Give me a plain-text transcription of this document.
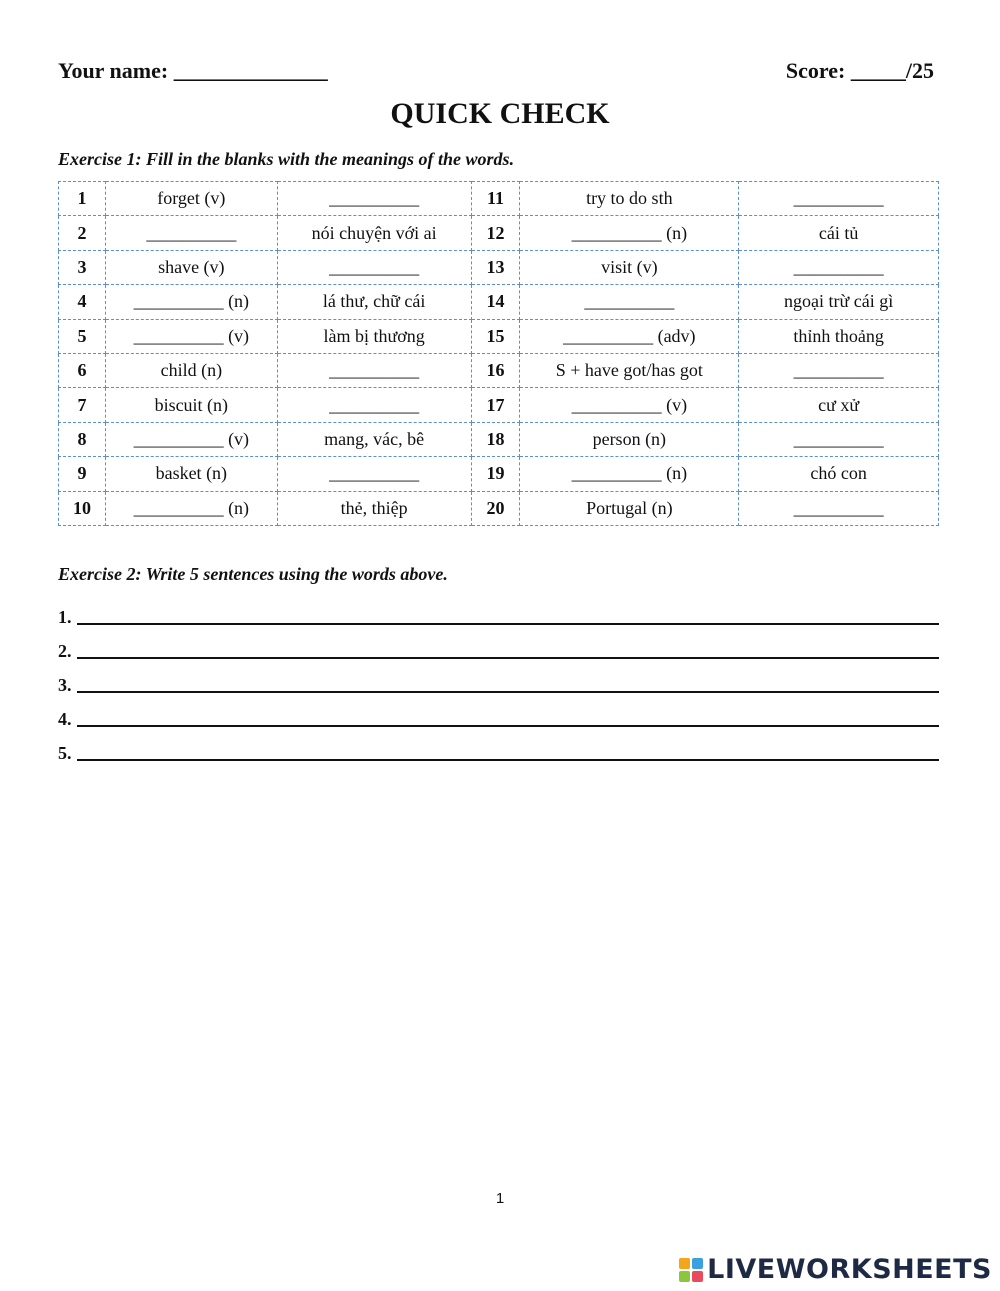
Your name: ______________	Score: _____/25
QUICK CHECK
Exercise 1: Fill in the blanks with the meanings of the words.
1	forget (v)	__________	11	try to do sth	__________
2	__________	nói chuyện với ai	12	__________ (n)	cái tủ
3	shave (v)	__________	13	visit (v)	__________
4	__________ (n)	lá thư, chữ cái	14	__________	ngoại trừ cái gì
5	__________ (v)	làm bị thương	15	__________ (adv)	thỉnh thoảng
6	child (n)	__________	16	S + have got/has got	__________
7	biscuit (n)	__________	17	__________ (v)	cư xử
8	__________ (v)	mang, vác, bê	18	person (n)	__________
9	basket (n)	__________	19	__________ (n)	chó con
10	__________ (n)	thẻ, thiệp	20	Portugal (n)	__________
Exercise 2: Write 5 sentences using the words above.
1.
2.
3.
4.
5.
1
LIVEWORKSHEETS
